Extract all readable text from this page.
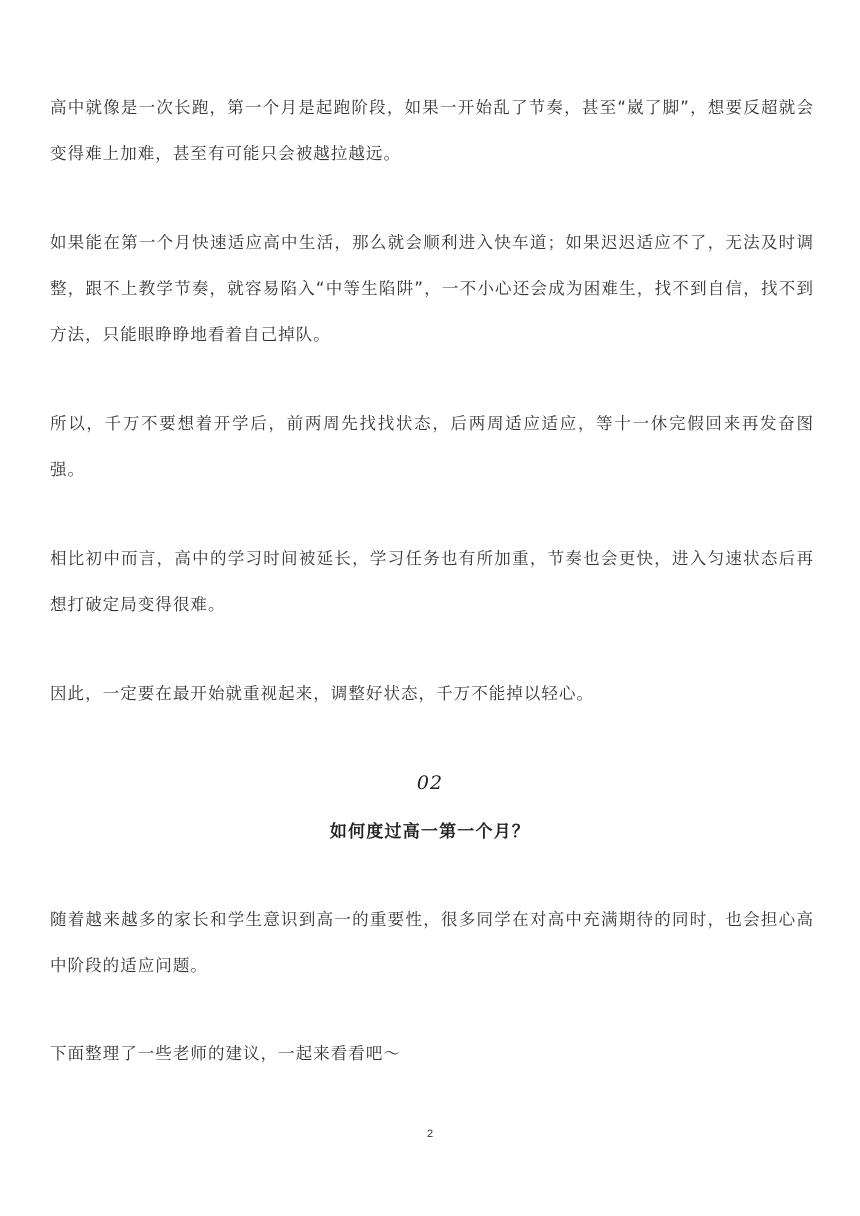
高中就像是一次长跑，第一个月是起跑阶段，如果一开始乱了节奏，甚至“崴了脚”，想要反超就会变得难上加难，甚至有可能只会被越拉越远。

如果能在第一个月快速适应高中生活，那么就会顺利进入快车道；如果迟迟适应不了，无法及时调整，跟不上教学节奏，就容易陷入“中等生陷阱”，一不小心还会成为困难生，找不到自信，找不到方法，只能眼睁睁地看着自己掉队。

所以，千万不要想着开学后，前两周先找找状态，后两周适应适应，等十一休完假回来再发奋图强。

相比初中而言，高中的学习时间被延长，学习任务也有所加重，节奏也会更快，进入匀速状态后再想打破定局变得很难。

因此，一定要在最开始就重视起来，调整好状态，千万不能掉以轻心。

02
如何度过高一第一个月？

随着越来越多的家长和学生意识到高一的重要性，很多同学在对高中充满期待的同时，也会担心高中阶段的适应问题。

下面整理了一些老师的建议，一起来看看吧～

2
